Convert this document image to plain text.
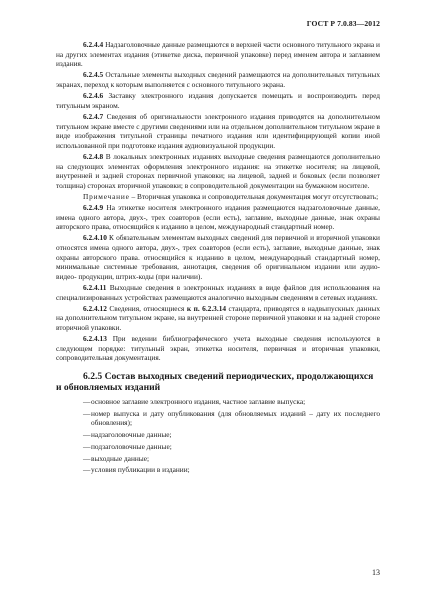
ГОСТ Р 7.0.83—2012

6.2.4.4 Надзаголовочные данные размещаются в верхней части основного титульного экрана и на других элементах издания (этикетке диска, первичной упаковке) перед именем автора и заглавием издания.

6.2.4.5 Остальные элементы выходных сведений размещаются на дополнительных титульных экранах, переход к которым выполняется с основного титульного экрана.

6.2.4.6 Заставку электронного издания допускается помещать и воспроизводить перед титульным экраном.

6.2.4.7 Сведения об оригинальности электронного издания приводятся на дополнительном титульном экране вместе с другими сведениями или на отдельном дополнительном титульном экране в виде изображения титульной страницы печатного издания или идентифицирующей копии иной использованной при подготовке издания аудиовизуальной продукции.

6.2.4.8 В локальных электронных изданиях выходные сведения размещаются дополнительно на следующих элементах оформления электронного издания: на этикетке носителя; на лицевой, внутренней и задней сторонах первичной упаковки; на лицевой, задней и боковых (если позволяет толщина) сторонах вторичной упаковки; в сопроводительной документации на бумажном носителе.

Примечание – Вторичная упаковка и сопроводительная документация могут отсутствовать;

6.2.4.9 На этикетке носителя электронного издания размещаются надзаголовочные данные, имена одного автора, двух-, трех соавторов (если есть), заглавие, выходные данные, знак охраны авторского права, относящийся к изданию в целом, международный стандартный номер.

6.2.4.10 К обязательным элементам выходных сведений для первичной и вторичной упаковки относятся имена одного автора, двух-, трех соавторов (если есть), заглавие, выходные данные, знак охраны авторского права. относящийся к изданию в целом, международный стандартный номер, минимальные системные требования, аннотация, сведения об оригинальном издании или аудио- видео- продукции, штрих-коды (при наличии).

6.2.4.11 Выходные сведения в электронных изданиях в виде файлов для использования на специализированных устройствах размещаются аналогично выходным сведениям в сетевых изданиях.

6.2.4.12 Сведения, относящиеся к п. 6.2.3.14 стандарта, приводятся в надвыпускных данных на дополнительном титульном экране, на внутренней стороне первичной упаковки и на задней стороне вторичной упаковки.

6.2.4.13 При ведении библиографического учета выходные сведения используются в следующем порядке: титульный экран, этикетка носителя, первичная и вторичная упаковки, сопроводительная документация.

6.2.5 Состав выходных сведений периодических, продолжающихся и обновляемых изданий
— основное заглавие электронного издания, частное заглавие выпуска;
— номер выпуска и дату опубликования (для обновляемых изданий – дату их последнего обновления);
— надзаголовочные данные;
— подзаголовочные данные;
— выходные данные;
— условия публикации в издании;
13
